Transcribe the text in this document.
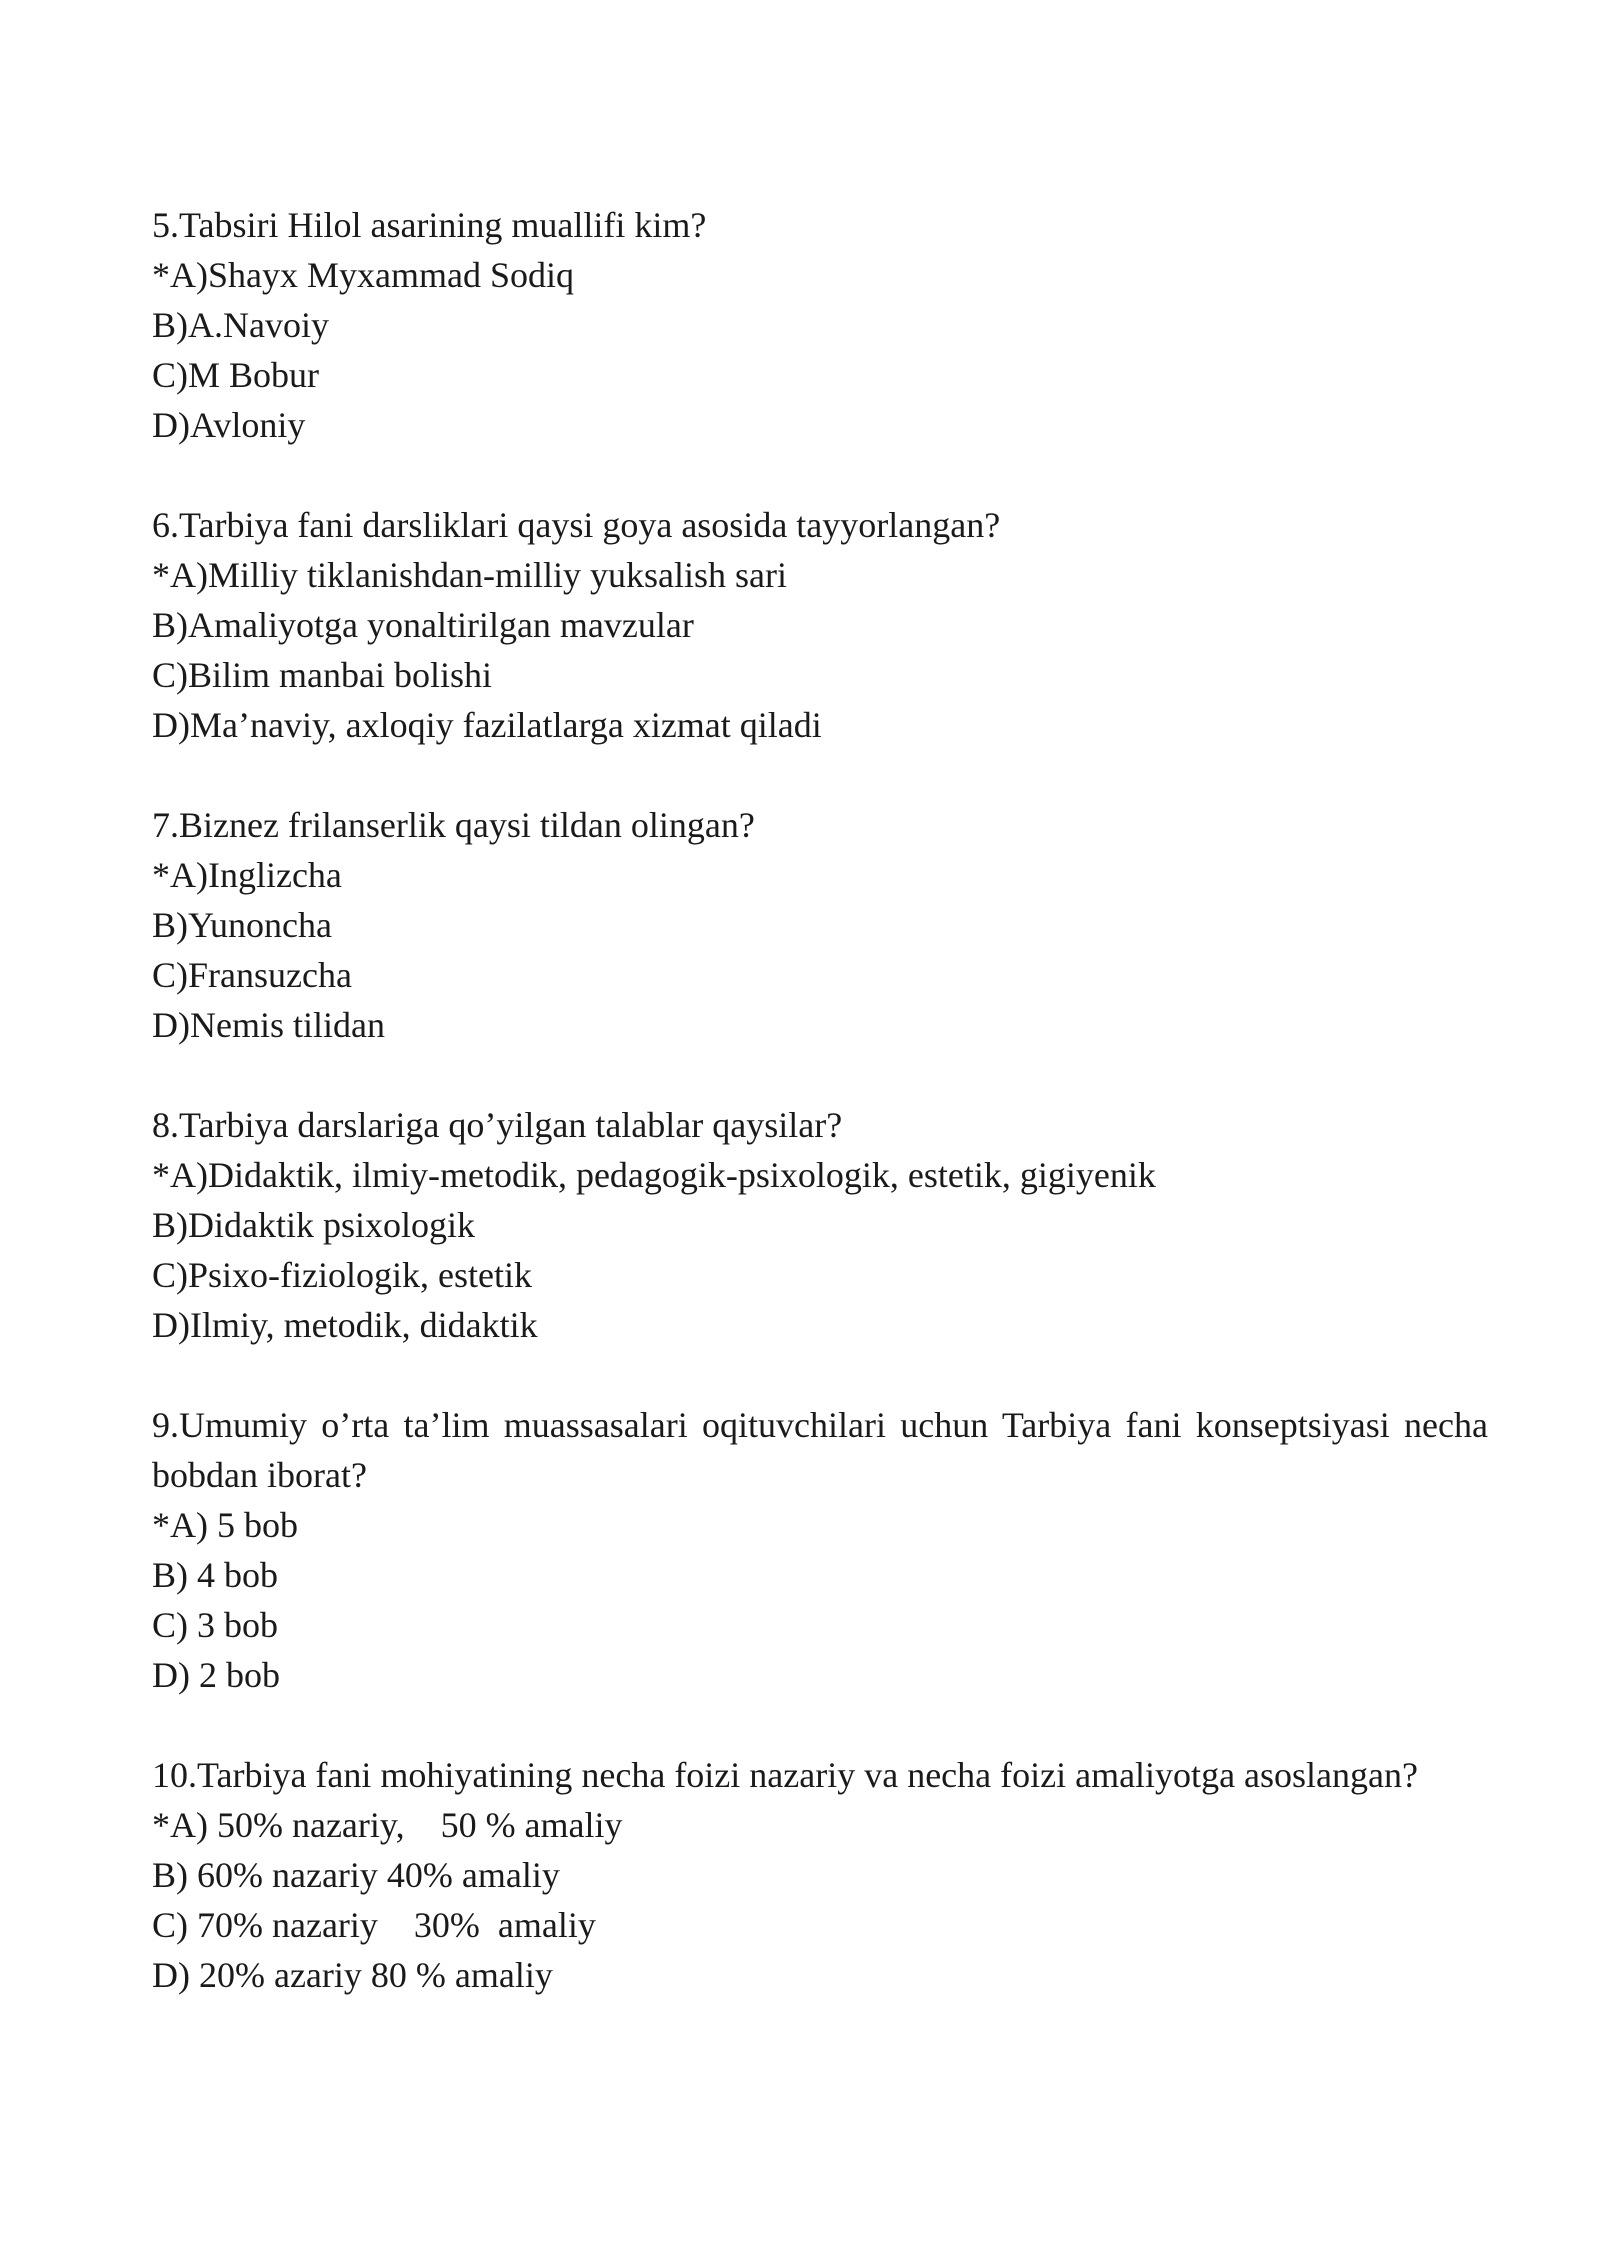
5.Tabsiri Hilol asarining muallifi kim?

*A)Shayx Myxammad Sodiq

B)A.Navoiy

C)M Bobur

D)Avloniy

6.Tarbiya fani darsliklari qaysi goya asosida tayyorlangan?

*A)Milliy tiklanishdan-milliy yuksalish sari

B)Amaliyotga yonaltirilgan mavzular

C)Bilim manbai bolishi

D)Ma’naviy, axloqiy fazilatlarga xizmat qiladi

7.Biznez frilanserlik qaysi tildan olingan?

*A)Inglizcha

B)Yunoncha

C)Fransuzcha

D)Nemis tilidan

8.Tarbiya darslariga qo’yilgan talablar qaysilar?

*A)Didaktik, ilmiy-metodik, pedagogik-psixologik, estetik, gigiyenik

B)Didaktik psixologik

C)Psixo-fiziologik, estetik

D)Ilmiy, metodik, didaktik

9.Umumiy o’rta ta’lim muassasalari oqituvchilari uchun Tarbiya fani konseptsiyasi necha bobdan iborat?

*A) 5 bob

B) 4 bob

C) 3 bob

D) 2 bob

10.Tarbiya fani mohiyatining necha foizi nazariy va necha foizi amaliyotga asoslangan?

*A) 50% nazariy,    50 % amaliy

B) 60% nazariy 40% amaliy

C) 70% nazariy    30%  amaliy

D) 20% azariy 80 % amaliy
